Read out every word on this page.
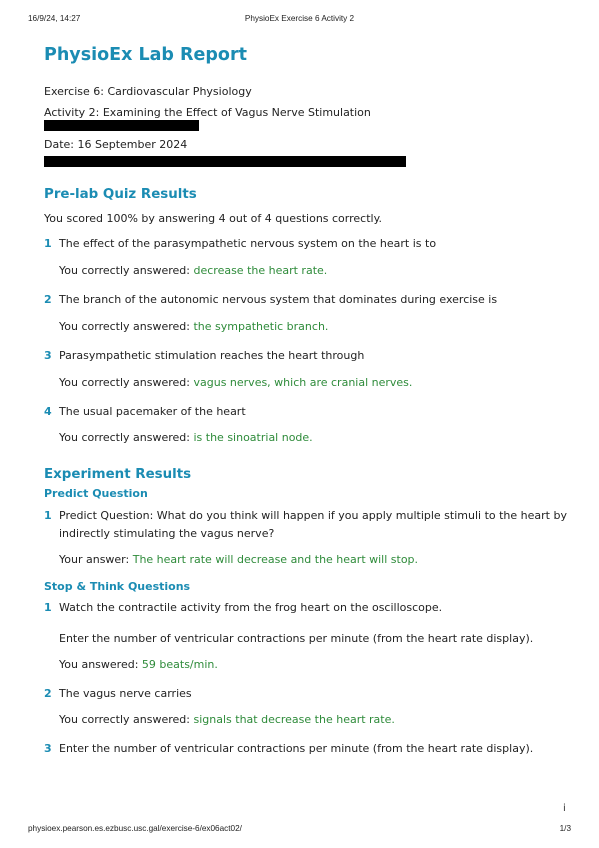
16/9/24, 14:27	PhysioEx Exercise 6 Activity 2
PhysioEx Lab Report
Exercise 6: Cardiovascular Physiology
Activity 2: Examining the Effect of Vagus Nerve Stimulation
Date: 16 September 2024
Pre-lab Quiz Results
You scored 100% by answering 4 out of 4 questions correctly.
1 The effect of the parasympathetic nervous system on the heart is to
You correctly answered: decrease the heart rate.
2 The branch of the autonomic nervous system that dominates during exercise is
You correctly answered: the sympathetic branch.
3 Parasympathetic stimulation reaches the heart through
You correctly answered: vagus nerves, which are cranial nerves.
4 The usual pacemaker of the heart
You correctly answered: is the sinoatrial node.
Experiment Results
Predict Question
1 Predict Question: What do you think will happen if you apply multiple stimuli to the heart by indirectly stimulating the vagus nerve?
Your answer: The heart rate will decrease and the heart will stop.
Stop & Think Questions
1 Watch the contractile activity from the frog heart on the oscilloscope.
Enter the number of ventricular contractions per minute (from the heart rate display).
You answered: 59 beats/min.
2 The vagus nerve carries
You correctly answered: signals that decrease the heart rate.
3 Enter the number of ventricular contractions per minute (from the heart rate display).
i
physioex.pearson.es.ezbusc.usc.gal/exercise-6/ex06act02/	1/3
